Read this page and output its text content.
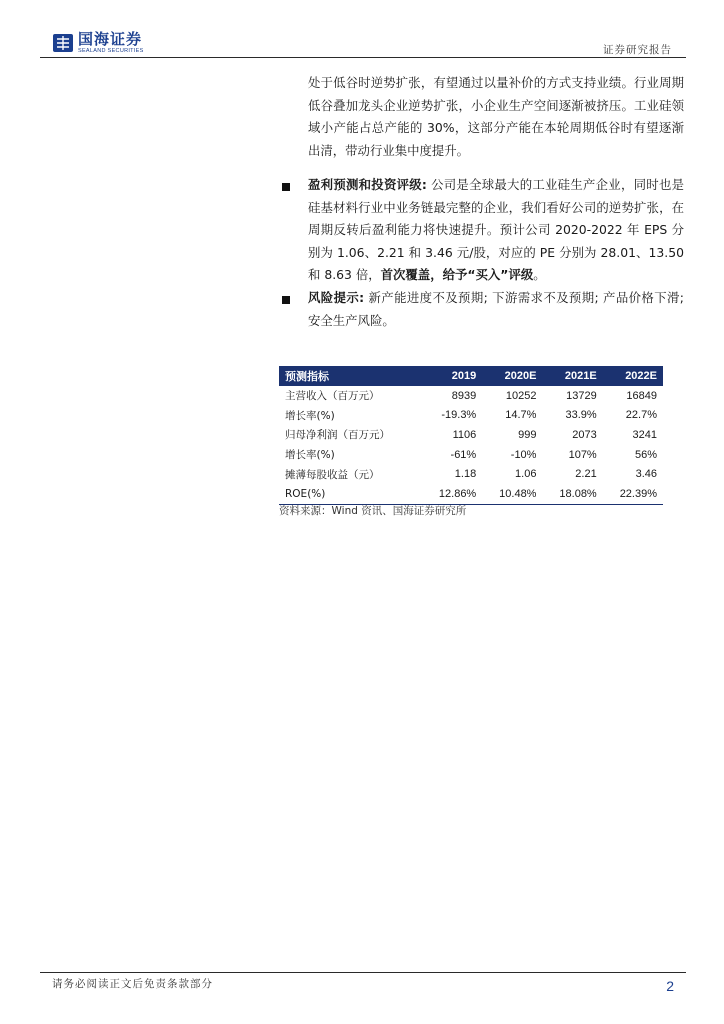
国海证券
SEALAND SECURITIES	证券研究报告

处于低谷时逆势扩张，有望通过以量补价的方式支持业绩。行业周期低谷叠加龙头企业逆势扩张，小企业生产空间逐渐被挤压。工业硅领域小产能占总产能的 30%，这部分产能在本轮周期低谷时有望逐渐出清，带动行业集中度提升。

盈利预测和投资评级: 公司是全球最大的工业硅生产企业，同时也是硅基材料行业中业务链最完整的企业，我们看好公司的逆势扩张，在周期反转后盈利能力将快速提升。预计公司 2020-2022 年 EPS 分别为 1.06、2.21 和 3.46 元/股，对应的 PE 分别为 28.01、13.50 和 8.63 倍，首次覆盖，给予“买入”评级。

风险提示: 新产能进度不及预期; 下游需求不及预期; 产品价格下滑; 安全生产风险。

预测指标	2019	2020E	2021E	2022E
主营收入（百万元）	8939	10252	13729	16849
增长率(%)	-19.3%	14.7%	33.9%	22.7%
归母净利润（百万元）	1106	999	2073	3241
增长率(%)	-61%	-10%	107%	56%
摊薄每股收益（元）	1.18	1.06	2.21	3.46
ROE(%)	12.86%	10.48%	18.08%	22.39%
资料来源：Wind 资讯、国海证券研究所
请务必阅读正文后免责条款部分	2
